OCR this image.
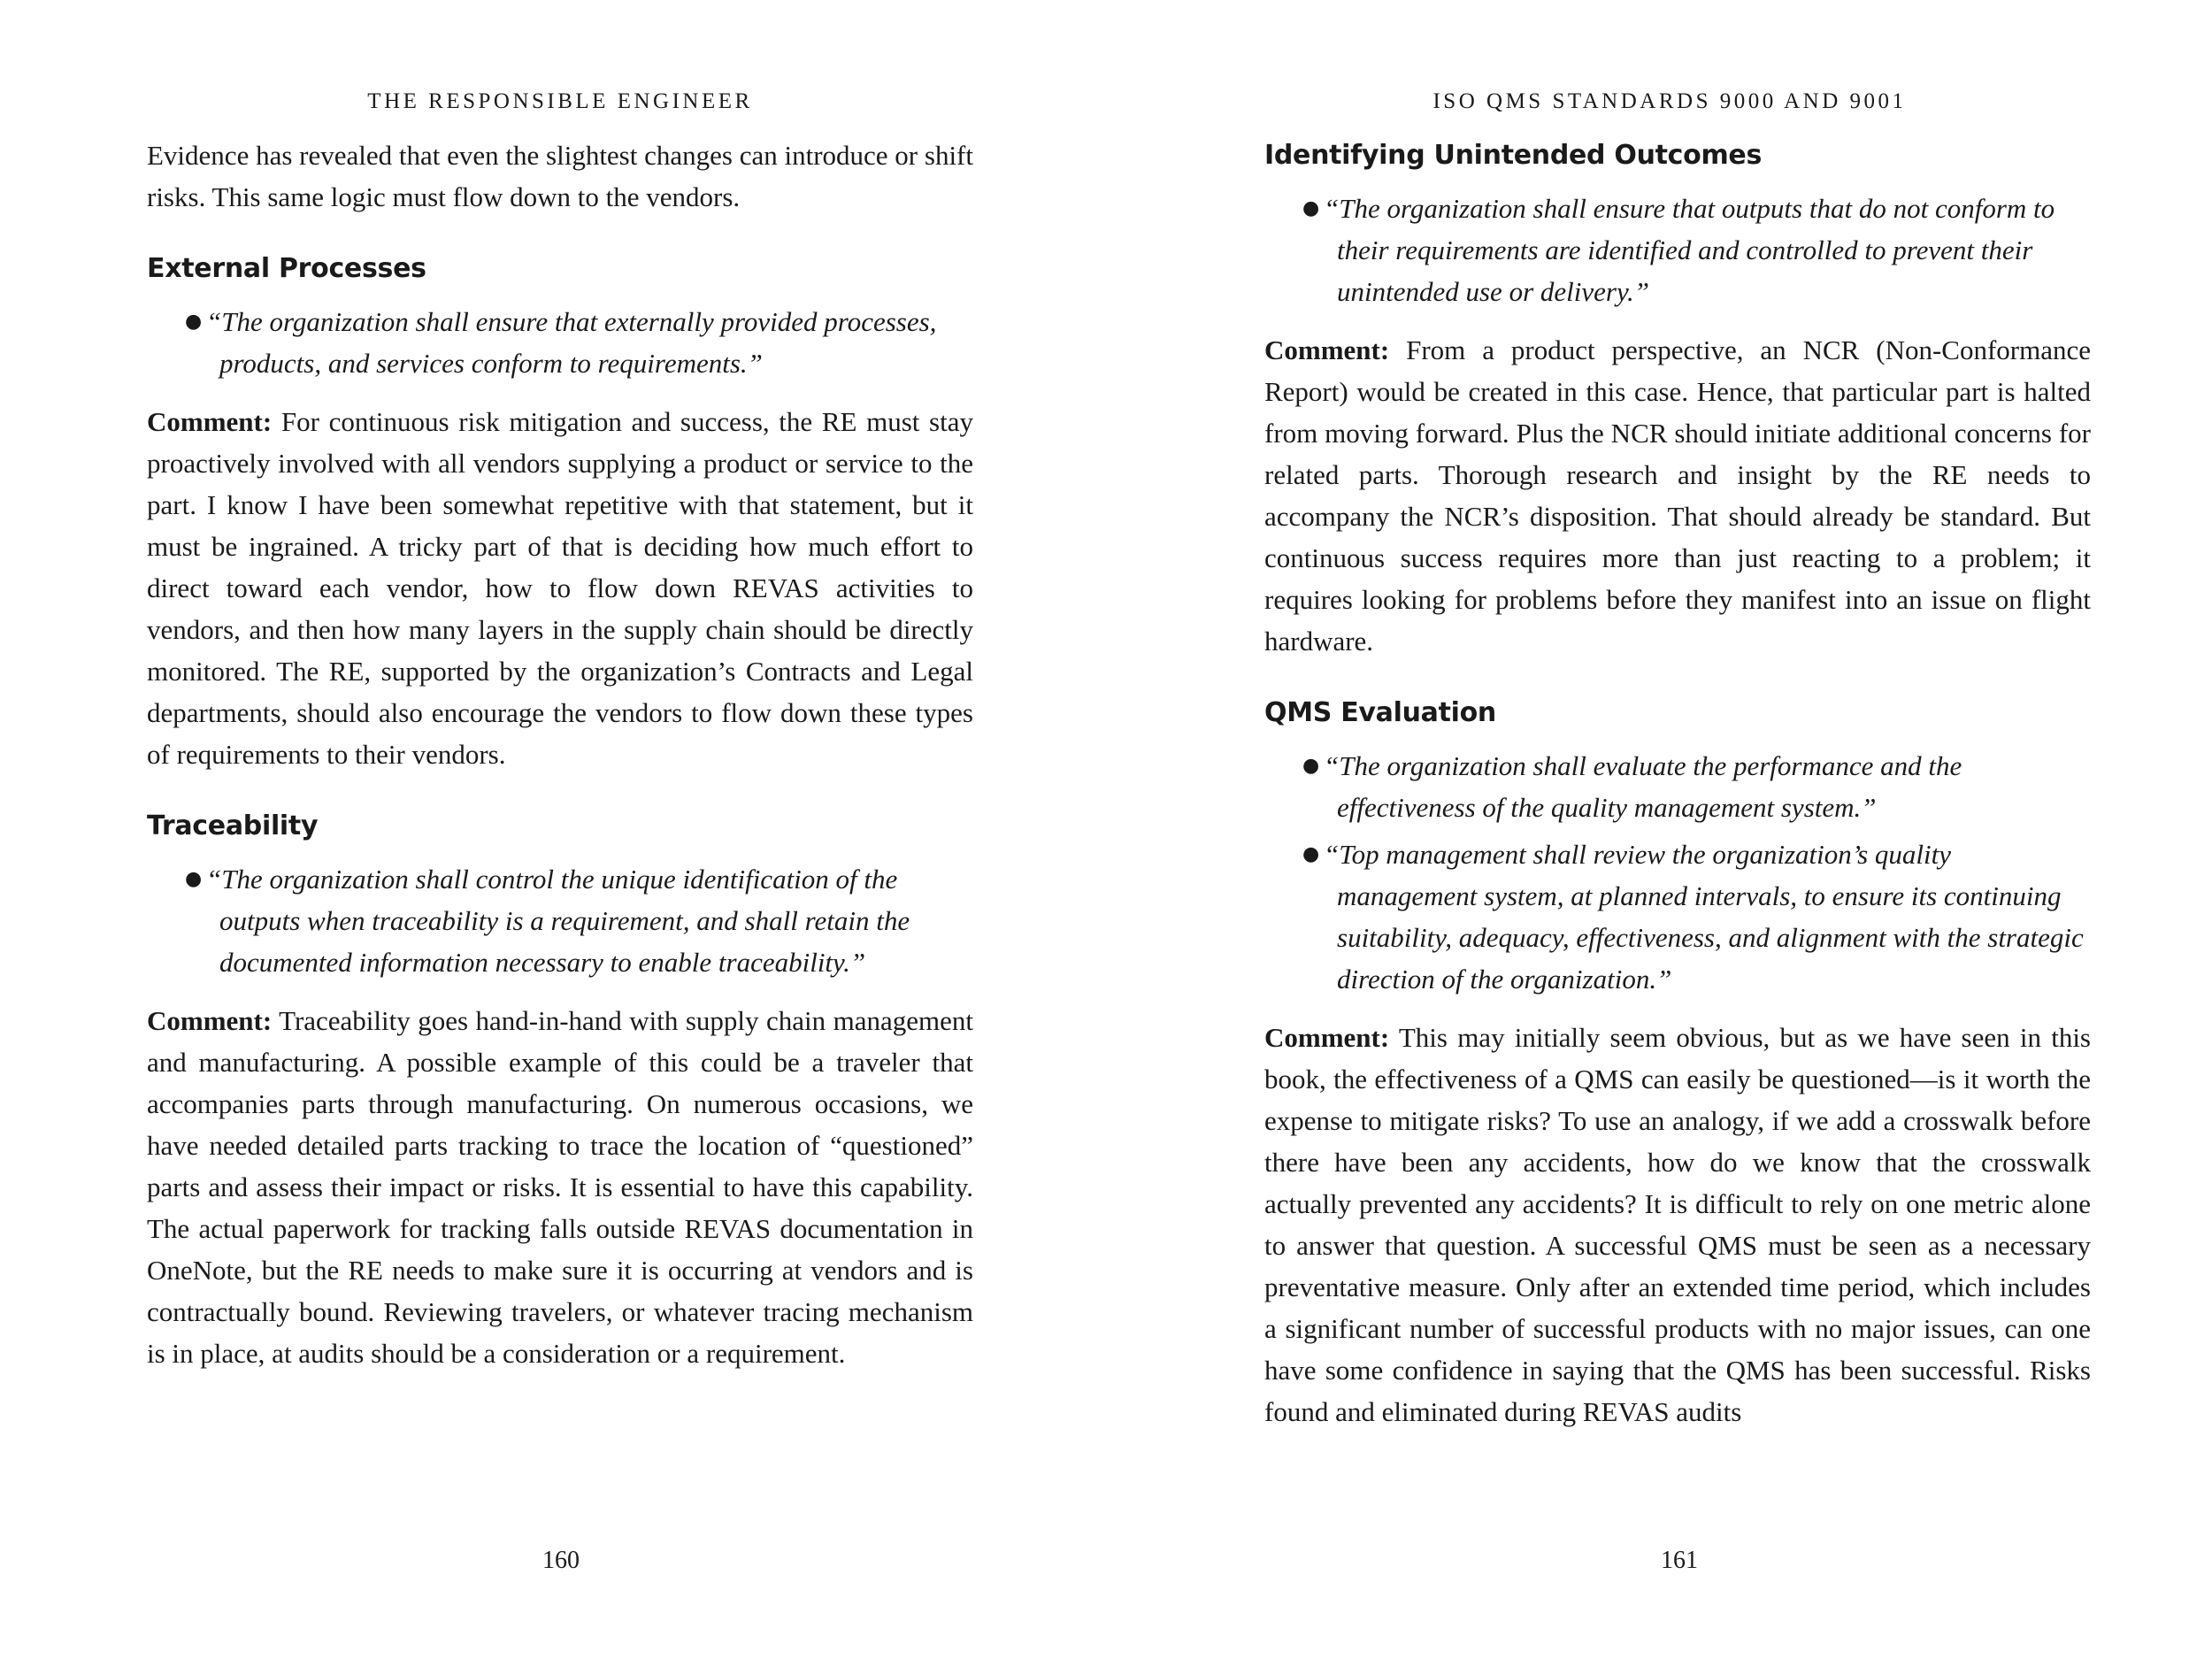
THE RESPONSIBLE ENGINEER

Evidence has revealed that even the slightest changes can introduce or shift risks. This same logic must flow down to the vendors.

External Processes
● “The organization shall ensure that externally provided processes, products, and services conform to requirements.”

Comment: For continuous risk mitigation and success, the RE must stay proactively involved with all vendors supplying a product or service to the part. I know I have been somewhat repetitive with that statement, but it must be ingrained. A tricky part of that is deciding how much effort to direct toward each vendor, how to flow down REVAS activities to vendors, and then how many layers in the supply chain should be directly monitored. The RE, supported by the organization’s Contracts and Legal departments, should also encourage the vendors to flow down these types of requirements to their vendors.

Traceability
● “The organization shall control the unique identification of the outputs when traceability is a requirement, and shall retain the documented information necessary to enable traceability.”

Comment: Traceability goes hand-in-hand with supply chain management and manufacturing. A possible example of this could be a traveler that accompanies parts through manufacturing. On numerous occasions, we have needed detailed parts tracking to trace the location of “questioned” parts and assess their impact or risks. It is essential to have this capability. The actual paperwork for tracking falls outside REVAS documentation in OneNote, but the RE needs to make sure it is occurring at vendors and is contractually bound. Reviewing travelers, or whatever tracing mechanism is in place, at audits should be a consideration or a requirement.

160
ISO QMS STANDARDS 9000 AND 9001
Identifying Unintended Outcomes
● “The organization shall ensure that outputs that do not conform to their requirements are identified and controlled to prevent their unintended use or delivery.”

Comment: From a product perspective, an NCR (Non-Conformance Report) would be created in this case. Hence, that particular part is halted from moving forward. Plus the NCR should initiate additional concerns for related parts. Thorough research and insight by the RE needs to accompany the NCR’s disposition. That should already be standard. But continuous success requires more than just reacting to a problem; it requires looking for problems before they manifest into an issue on flight hardware.

QMS Evaluation
● “The organization shall evaluate the performance and the effectiveness of the quality management system.”
● “Top management shall review the organization’s quality management system, at planned intervals, to ensure its continuing suitability, adequacy, effectiveness, and alignment with the strategic direction of the organization.”

Comment: This may initially seem obvious, but as we have seen in this book, the effectiveness of a QMS can easily be questioned—is it worth the expense to mitigate risks? To use an analogy, if we add a crosswalk before there have been any accidents, how do we know that the crosswalk actually prevented any accidents? It is difficult to rely on one metric alone to answer that question. A successful QMS must be seen as a necessary preventative measure. Only after an extended time period, which includes a significant number of successful products with no major issues, can one have some confidence in saying that the QMS has been successful. Risks found and eliminated during REVAS audits

161
